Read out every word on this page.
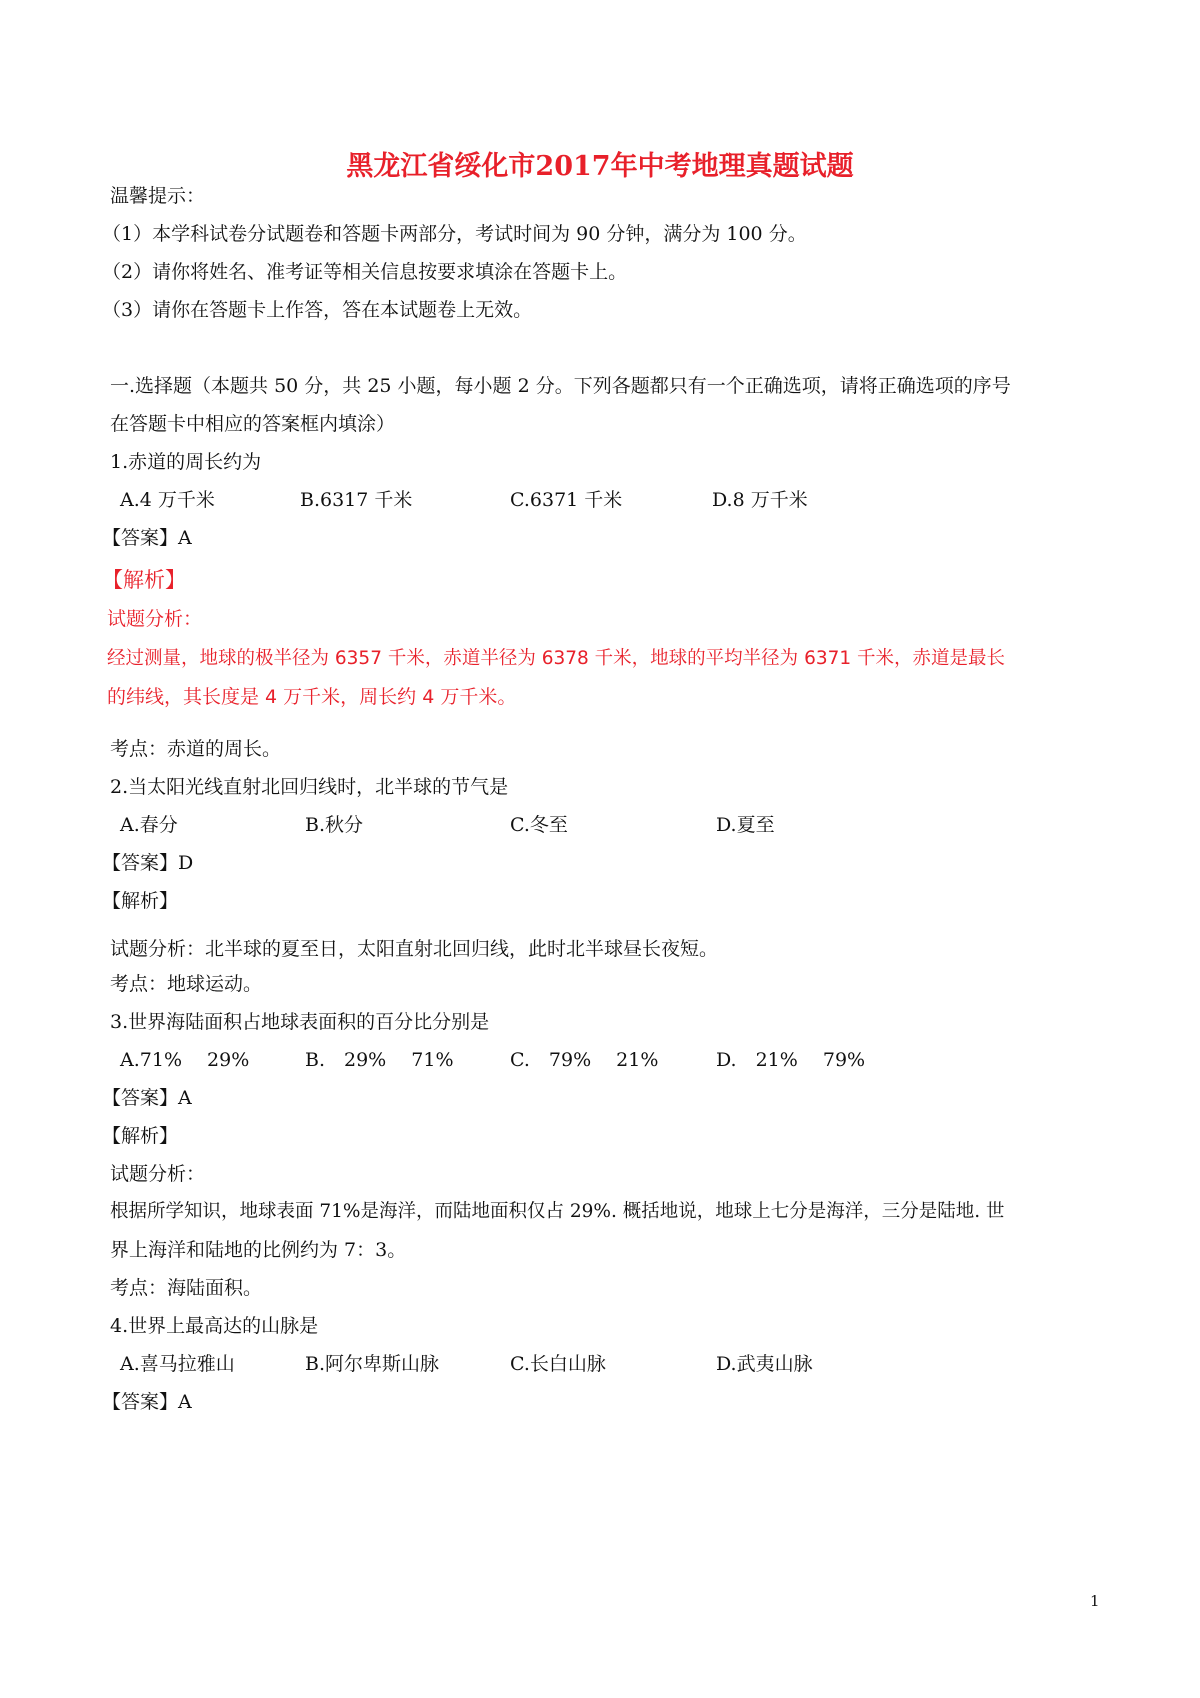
黑龙江省绥化市2017年中考地理真题试题
温馨提示：
（1）本学科试卷分试题卷和答题卡两部分，考试时间为 90 分钟，满分为 100 分。
（2）请你将姓名、准考证等相关信息按要求填涂在答题卡上。
（3）请你在答题卡上作答，答在本试题卷上无效。
一.选择题（本题共 50 分，共 25 小题，每小题 2 分。下列各题都只有一个正确选项，请将正确选项的序号
在答题卡中相应的答案框内填涂）
1.赤道的周长约为
A.4 万千米	B.6317 千米	C.6371 千米	D.8 万千米
【答案】A
【解析】
试题分析：
经过测量，地球的极半径为 6357 千米，赤道半径为 6378 千米，地球的平均半径为 6371 千米，赤道是最长
的纬线，其长度是 4 万千米，周长约 4 万千米。
考点：赤道的周长。
2.当太阳光线直射北回归线时，北半球的节气是
A.春分	B.秋分	C.冬至	D.夏至
【答案】D
【解析】
试题分析：北半球的夏至日，太阳直射北回归线，此时北半球昼长夜短。
考点：地球运动。
3.世界海陆面积占地球表面积的百分比分别是
A.71%　 29%	B.　29%　 71%	C.　79%　 21%	D.　21%　 79%
【答案】A
【解析】
试题分析：
根据所学知识，地球表面 71%是海洋，而陆地面积仅占 29%. 概括地说，地球上七分是海洋，三分是陆地. 世
界上海洋和陆地的比例约为 7：3。
考点：海陆面积。
4.世界上最高达的山脉是
A.喜马拉雅山	B.阿尔卑斯山脉	C.长白山脉	D.武夷山脉
【答案】A
1
